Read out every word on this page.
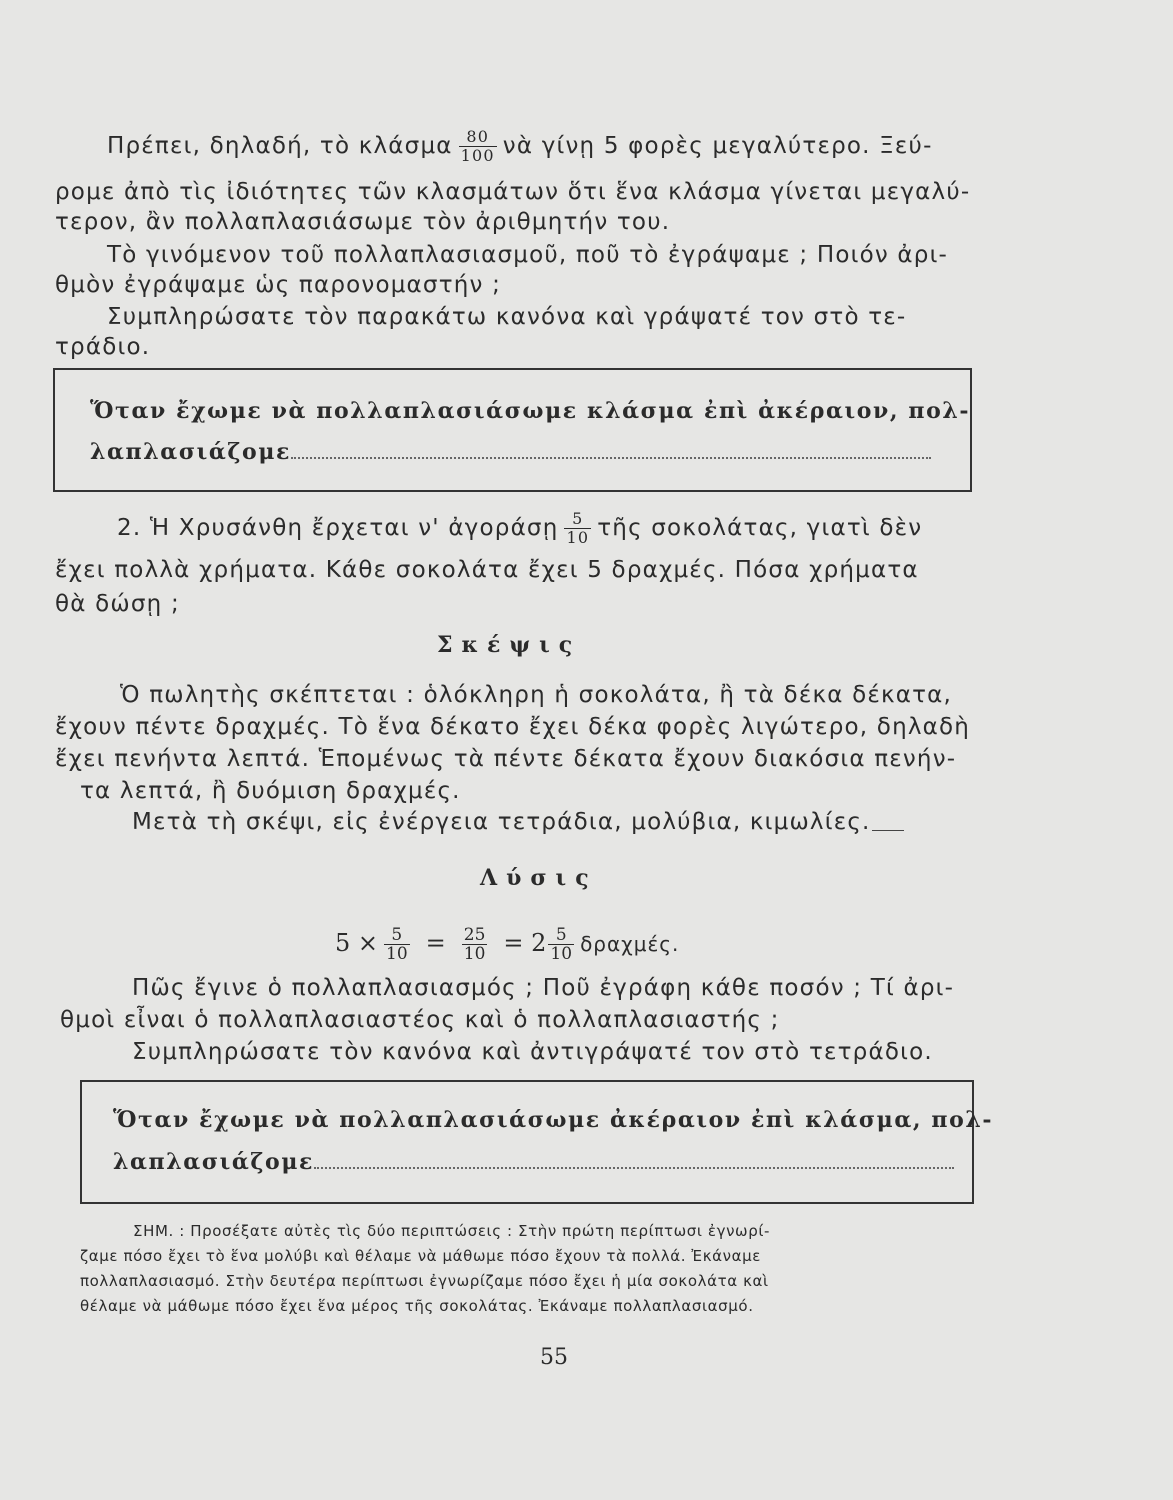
Πρέπει, δηλαδή, τὸ κλάσμα $\frac{80}{100}$ νὰ γίνῃ 5 φορὲς μεγαλύτερο. Ξεύ-
ρομε ἀπὸ τὶς ἰδιότητες τῶν κλασμάτων ὅτι ἕνα κλάσμα γίνεται μεγαλύ-
τερον, ἂν πολλαπλασιάσωμε τὸν ἀριθμητήν του.
Τὸ γινόμενον τοῦ πολλαπλασιασμοῦ, ποῦ τὸ ἐγράψαμε ; Ποιόν ἀρι-
θμὸν ἐγράψαμε ὡς παρονομαστήν ;
Συμπληρώσατε τὸν παρακάτω κανόνα καὶ γράψατέ τον στὸ τε-
τράδιο.
Ὅταν ἔχωμε νὰ πολλαπλασιάσωμε κλάσμα ἐπὶ ἀκέραιον, πολ-
λαπλασιάζομε
2. Ἡ Χρυσάνθη ἔρχεται ν' ἀγοράσῃ $\frac{5}{10}$ τῆς σοκολάτας, γιατὶ δὲν
ἔχει πολλὰ χρήματα. Κάθε σοκολάτα ἔχει 5 δραχμές. Πόσα χρήματα
θὰ δώσῃ ;
Σκέψις
Ὁ πωλητὴς σκέπτεται : ὁλόκληρη ἡ σοκολάτα, ἢ τὰ δέκα δέκατα,
ἔχουν πέντε δραχμές. Τὸ ἕνα δέκατο ἔχει δέκα φορὲς λιγώτερο, δηλαδὴ
ἔχει πενήντα λεπτά. Ἑπομένως τὰ πέντε δέκατα ἔχουν διακόσια πενήν-
τα λεπτά, ἢ δυόμιση δραχμές.
Μετὰ τὴ σκέψι, εἰς ἐνέργεια τετράδια, μολύβια, κιμωλίες.
Λύσις
$5 \times \frac{5}{10} = \frac{25}{10} = 2 \frac{5}{10} \delta\rho\alpha\chi\mu έ\varsigma$.
Πῶς ἔγινε ὁ πολλαπλασιασμός ; Ποῦ ἐγράφη κάθε ποσόν ; Τί ἀρι-
θμοὶ εἶναι ὁ πολλαπλασιαστέος καὶ ὁ πολλαπλασιαστής ;
Συμπληρώσατε τὸν κανόνα καὶ ἀντιγράψατέ τον στὸ τετράδιο.
Ὅταν ἔχωμε νὰ πολλαπλασιάσωμε ἀκέραιον ἐπὶ κλάσμα, πολ-
λαπλασιάζομε
ΣΗΜ. : Προσέξατε αὐτὲς τὶς δύο περιπτώσεις : Στὴν πρώτη περίπτωσι ἐγνωρί-
ζαμε πόσο ἔχει τὸ ἕνα μολύβι καὶ θέλαμε νὰ μάθωμε πόσο ἔχουν τὰ πολλά. Ἐκάναμε
πολλαπλασιασμό. Στὴν δευτέρα περίπτωσι ἐγνωρίζαμε πόσο ἔχει ἡ μία σοκολάτα καὶ
θέλαμε νὰ μάθωμε πόσο ἔχει ἕνα μέρος τῆς σοκολάτας. Ἐκάναμε πολλαπλασιασμό.
55
